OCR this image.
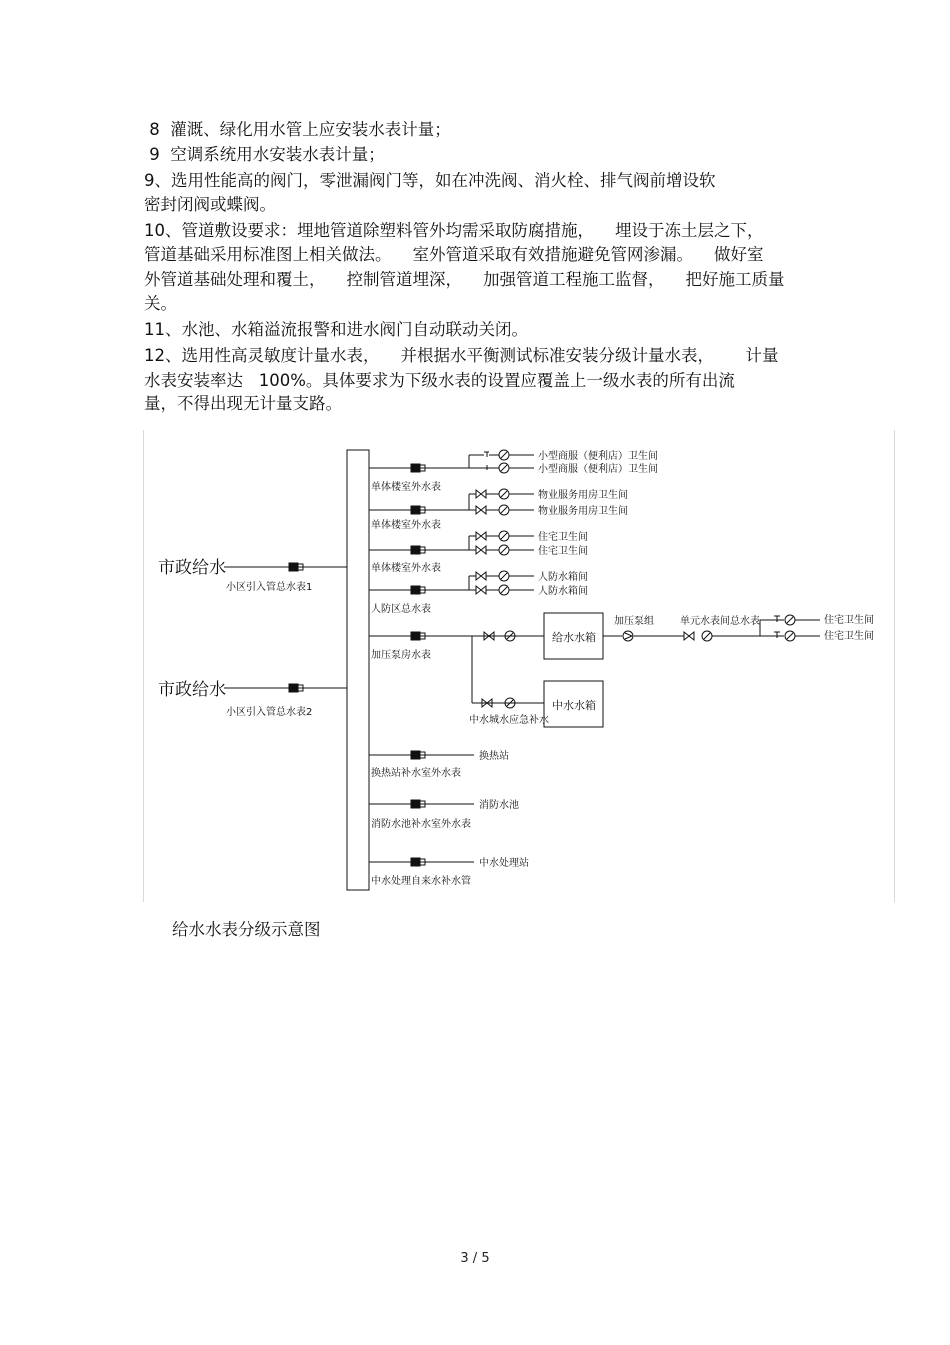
8  灌溉、绿化用水管上应安装水表计量；
9  空调系统用水安装水表计量；
9、选用性能高的阀门，零泄漏阀门等，如在冲洗阀、消火栓、排气阀前增设软
密封闭阀或蝶阀。
10、管道敷设要求：埋地管道除塑料管外均需采取防腐措施，    埋设于冻土层之下，
管道基础采用标准图上相关做法。    室外管道采取有效措施避免管网渗漏。    做好室
外管道基础处理和覆土，    控制管道埋深，    加强管道工程施工监督，    把好施工质量
关。
11、水池、水箱溢流报警和进水阀门自动联动关闭。
12、选用性高灵敏度计量水表，    并根据水平衡测试标准安装分级计量水表，      计量
水表安装率达   100%。具体要求为下级水表的设置应覆盖上一级水表的所有出流
量，不得出现无计量支路。
市政给水
小区引入管总水表1
市政给水
小区引入管总水表2
单体楼室外水表
小型商服（便利店）卫生间
小型商服（便利店）卫生间
单体楼室外水表
物业服务用房卫生间
物业服务用房卫生间
单体楼室外水表
住宅卫生间
住宅卫生间
人防区总水表
人防水箱间
人防水箱间
加压泵房水表
给水水箱
加压泵组	单元水表间总水表	住宅卫生间
住宅卫生间
中水城水应急补水
中水水箱
换热站补水室外水表
换热站
消防水池补水室外水表
消防水池
中水处理自来水补水管
中水处理站
给水水表分级示意图
3 / 5
